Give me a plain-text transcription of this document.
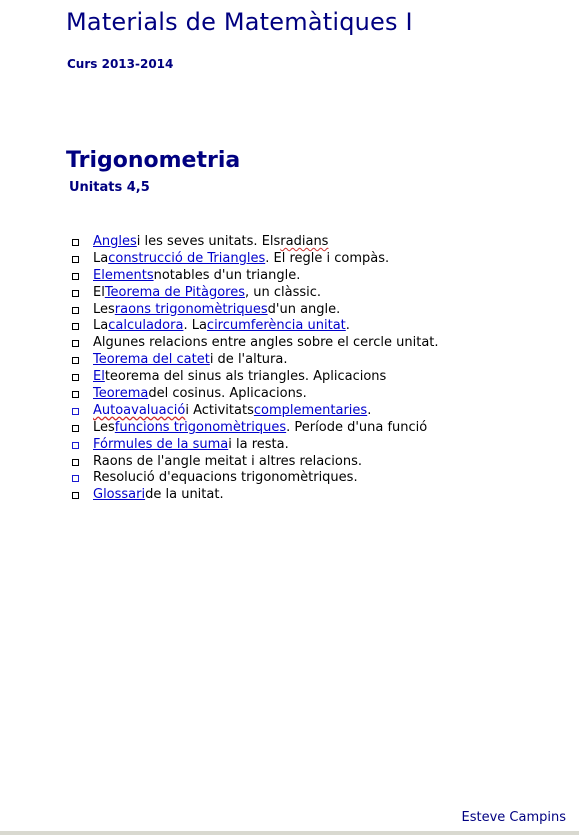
Materials de Matemàtiques I
Curs 2013-2014
Trigonometria
Unitats 4,5
Angles i les seves unitats. Els radians
La construcció de Triangles . El regle i compàs.
Elements notables d'un triangle.
El Teorema de Pitàgores , un clàssic.
Les raons trigonomètriques d'un angle.
La calculadora . La circumferència unitat .
Algunes relacions entre angles sobre el cercle unitat.
Teorema del catet i de l'altura.
El teorema del sinus als triangles. Aplicacions
Teorema del cosinus. Aplicacions.
Autoavaluació i Activitats complementaries .
Les funcions trigonomètriques . Període d'una funció
Fórmules de la suma i la resta.
Raons de l'angle meitat i altres relacions.
Resolució d'equacions trigonomètriques.
Glossari de la unitat.
Esteve Campins
